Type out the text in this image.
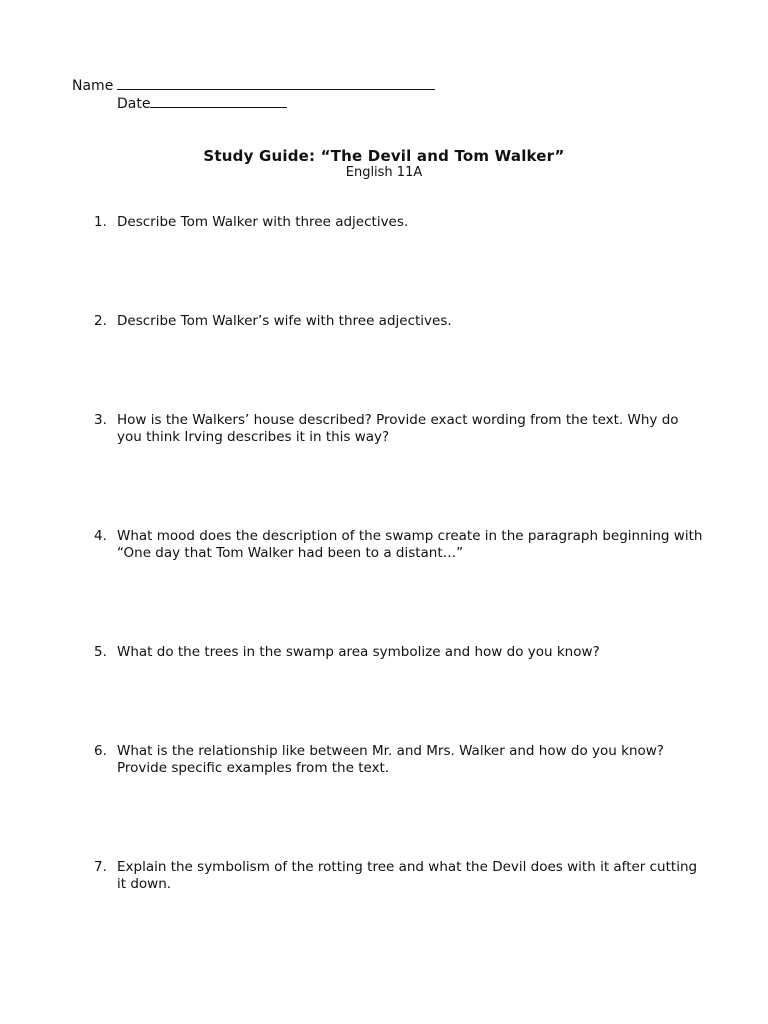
Name
Date
Study Guide: “The Devil and Tom Walker”
English 11A
1. Describe Tom Walker with three adjectives.
2. Describe Tom Walker’s wife with three adjectives.
3. How is the Walkers’ house described? Provide exact wording from the text. Why do you think Irving describes it in this way?
4. What mood does the description of the swamp create in the paragraph beginning with “One day that Tom Walker had been to a distant…”
5. What do the trees in the swamp area symbolize and how do you know?
6. What is the relationship like between Mr. and Mrs. Walker and how do you know? Provide specific examples from the text.
7. Explain the symbolism of the rotting tree and what the Devil does with it after cutting it down.
